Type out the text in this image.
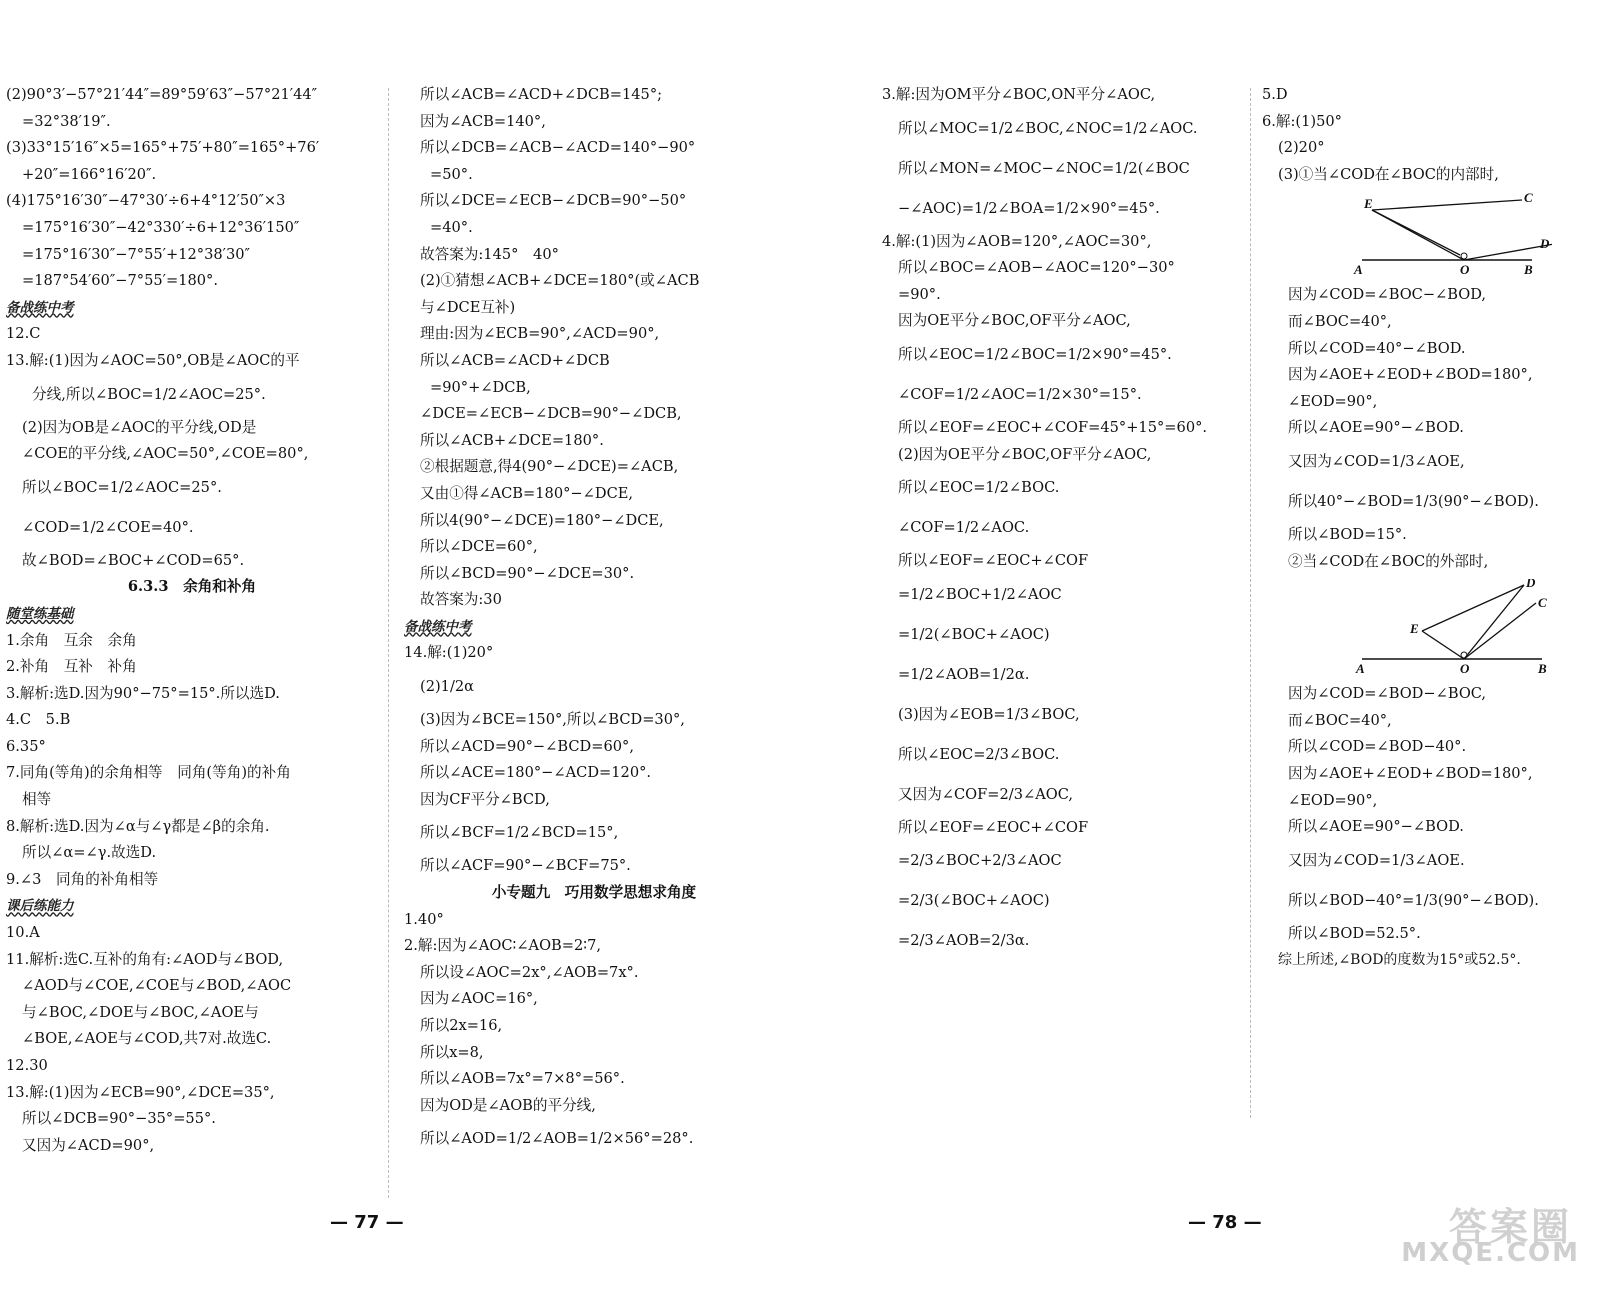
(2)90°3′−57°21′44″=89°59′63″−57°21′44″
=32°38′19″.
(3)33°15′16″×5=165°+75′+80″=165°+76′
+20″=166°16′20″.
(4)175°16′30″−47°30′÷6+4°12′50″×3
=175°16′30″−42°330′÷6+12°36′150″
=175°16′30″−7°55′+12°38′30″
=187°54′60″−7°55′=180°.
备战练中考
12.C
13.解:(1)因为∠AOC=50°,OB是∠AOC的平
分线,所以∠BOC=1/2∠AOC=25°.
(2)因为OB是∠AOC的平分线,OD是
∠COE的平分线,∠AOC=50°,∠COE=80°,
所以∠BOC=1/2∠AOC=25°.
∠COD=1/2∠COE=40°.
故∠BOD=∠BOC+∠COD=65°.
6.3.3　余角和补角
随堂练基础
1.余角　互余　余角
2.补角　互补　补角
3.解析:选D.因为90°−75°=15°.所以选D.
4.C　5.B
6.35°
7.同角(等角)的余角相等　同角(等角)的补角
相等
8.解析:选D.因为∠α与∠γ都是∠β的余角.
所以∠α=∠γ.故选D.
9.∠3　同角的补角相等
课后练能力
10.A
11.解析:选C.互补的角有:∠AOD与∠BOD,
∠AOD与∠COE,∠COE与∠BOD,∠AOC
与∠BOC,∠DOE与∠BOC,∠AOE与
∠BOE,∠AOE与∠COD,共7对.故选C.
12.30
13.解:(1)因为∠ECB=90°,∠DCE=35°,
所以∠DCB=90°−35°=55°.
又因为∠ACD=90°,
所以∠ACB=∠ACD+∠DCB=145°;
因为∠ACB=140°,
所以∠DCB=∠ACB−∠ACD=140°−90°
=50°.
所以∠DCE=∠ECB−∠DCB=90°−50°
=40°.
故答案为:145°　40°
(2)①猜想∠ACB+∠DCE=180°(或∠ACB
与∠DCE互补)
理由:因为∠ECB=90°,∠ACD=90°,
所以∠ACB=∠ACD+∠DCB
=90°+∠DCB,
∠DCE=∠ECB−∠DCB=90°−∠DCB,
所以∠ACB+∠DCE=180°.
②根据题意,得4(90°−∠DCE)=∠ACB,
又由①得∠ACB=180°−∠DCE,
所以4(90°−∠DCE)=180°−∠DCE,
所以∠DCE=60°,
所以∠BCD=90°−∠DCE=30°.
故答案为:30
备战练中考
14.解:(1)20°
(2)1/2α
(3)因为∠BCE=150°,所以∠BCD=30°,
所以∠ACD=90°−∠BCD=60°,
所以∠ACE=180°−∠ACD=120°.
因为CF平分∠BCD,
所以∠BCF=1/2∠BCD=15°,
所以∠ACF=90°−∠BCF=75°.
小专题九　巧用数学思想求角度
1.40°
2.解:因为∠AOC∶∠AOB=2∶7,
所以设∠AOC=2x°,∠AOB=7x°.
因为∠AOC=16°,
所以2x=16,
所以x=8,
所以∠AOB=7x°=7×8°=56°.
因为OD是∠AOB的平分线,
所以∠AOD=1/2∠AOB=1/2×56°=28°.
3.解:因为OM平分∠BOC,ON平分∠AOC,
所以∠MOC=1/2∠BOC,∠NOC=1/2∠AOC.
所以∠MON=∠MOC−∠NOC=1/2(∠BOC
−∠AOC)=1/2∠BOA=1/2×90°=45°.
4.解:(1)因为∠AOB=120°,∠AOC=30°,
所以∠BOC=∠AOB−∠AOC=120°−30°
=90°.
因为OE平分∠BOC,OF平分∠AOC,
所以∠EOC=1/2∠BOC=1/2×90°=45°.
∠COF=1/2∠AOC=1/2×30°=15°.
所以∠EOF=∠EOC+∠COF=45°+15°=60°.
(2)因为OE平分∠BOC,OF平分∠AOC,
所以∠EOC=1/2∠BOC.
∠COF=1/2∠AOC.
所以∠EOF=∠EOC+∠COF
=1/2∠BOC+1/2∠AOC
=1/2(∠BOC+∠AOC)
=1/2∠AOB=1/2α.
(3)因为∠EOB=1/3∠BOC,
所以∠EOC=2/3∠BOC.
又因为∠COF=2/3∠AOC,
所以∠EOF=∠EOC+∠COF
=2/3∠BOC+2/3∠AOC
=2/3(∠BOC+∠AOC)
=2/3∠AOB=2/3α.
5.D
6.解:(1)50°
(2)20°
(3)①当∠COD在∠BOC的内部时,
E	C
D
A	O	B
因为∠COD=∠BOC−∠BOD,
而∠BOC=40°,
所以∠COD=40°−∠BOD.
因为∠AOE+∠EOD+∠BOD=180°,
∠EOD=90°,
所以∠AOE=90°−∠BOD.
又因为∠COD=1/3∠AOE,
所以40°−∠BOD=1/3(90°−∠BOD).
所以∠BOD=15°.
②当∠COD在∠BOC的外部时,
E
D
C
A	O	B
因为∠COD=∠BOD−∠BOC,
而∠BOC=40°,
所以∠COD=∠BOD−40°.
因为∠AOE+∠EOD+∠BOD=180°,
∠EOD=90°,
所以∠AOE=90°−∠BOD.
又因为∠COD=1/3∠AOE.
所以∠BOD−40°=1/3(90°−∠BOD).
所以∠BOD=52.5°.
综上所述,∠BOD的度数为15°或52.5°.
— 77 —	— 78 —	答案圈
MXQE.COM
